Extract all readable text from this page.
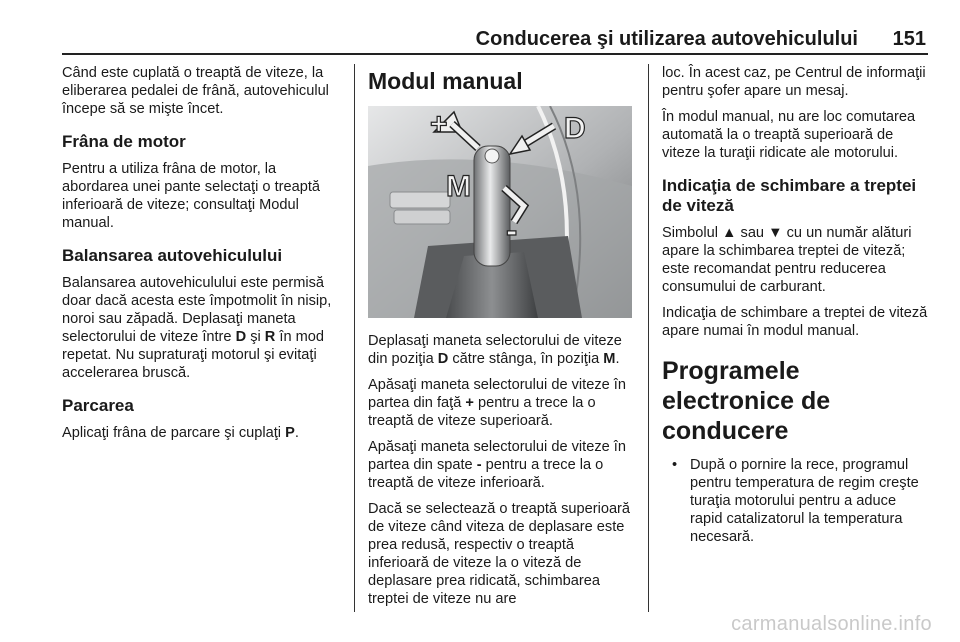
Conducerea şi utilizarea autovehiculului 151

Când este cuplată o treaptă de viteze, la eliberarea pedalei de frână, autovehiculul începe să se mişte încet.

Frâna de motor

Pentru a utiliza frâna de motor, la abordarea unei pante selectaţi o treaptă inferioară de viteze; consultaţi Modul manual.

Balansarea autovehiculului

Balansarea autovehiculului este permisă doar dacă acesta este împotmolit în nisip, noroi sau zăpadă. Deplasaţi maneta selectorului de viteze între D şi R în mod repetat. Nu supraturaţi motorul şi evitaţi accelerarea bruscă.

Parcarea

Aplicaţi frâna de parcare şi cuplaţi P.

Modul manual
+	D
M
-

Deplasaţi maneta selectorului de viteze din poziţia D către stânga, în poziţia M.

Apăsaţi maneta selectorului de viteze în partea din faţă + pentru a trece la o treaptă de viteze superioară.

Apăsaţi maneta selectorului de viteze în partea din spate - pentru a trece la o treaptă de viteze inferioară.

Dacă se selectează o treaptă superioară de viteze când viteza de deplasare este prea redusă, respectiv o treaptă inferioară de viteze la o viteză de deplasare prea ridicată, schimbarea treptei de viteze nu are

loc. În acest caz, pe Centrul de informaţii pentru şofer apare un mesaj.

În modul manual, nu are loc comutarea automată la o treaptă superioară de viteze la turaţii ridicate ale motorului.

Indicaţia de schimbare a treptei de viteză

Simbolul ▲ sau ▼ cu un număr alături apare la schimbarea treptei de viteză; este recomandat pentru reducerea consumului de carburant.

Indicaţia de schimbare a treptei de viteză apare numai în modul manual.

Programele electronice de conducere
• După o pornire la rece, programul pentru temperatura de regim creşte turaţia motorului pentru a aduce rapid catalizatorul la temperatura necesară.
carmanualsonline.info
